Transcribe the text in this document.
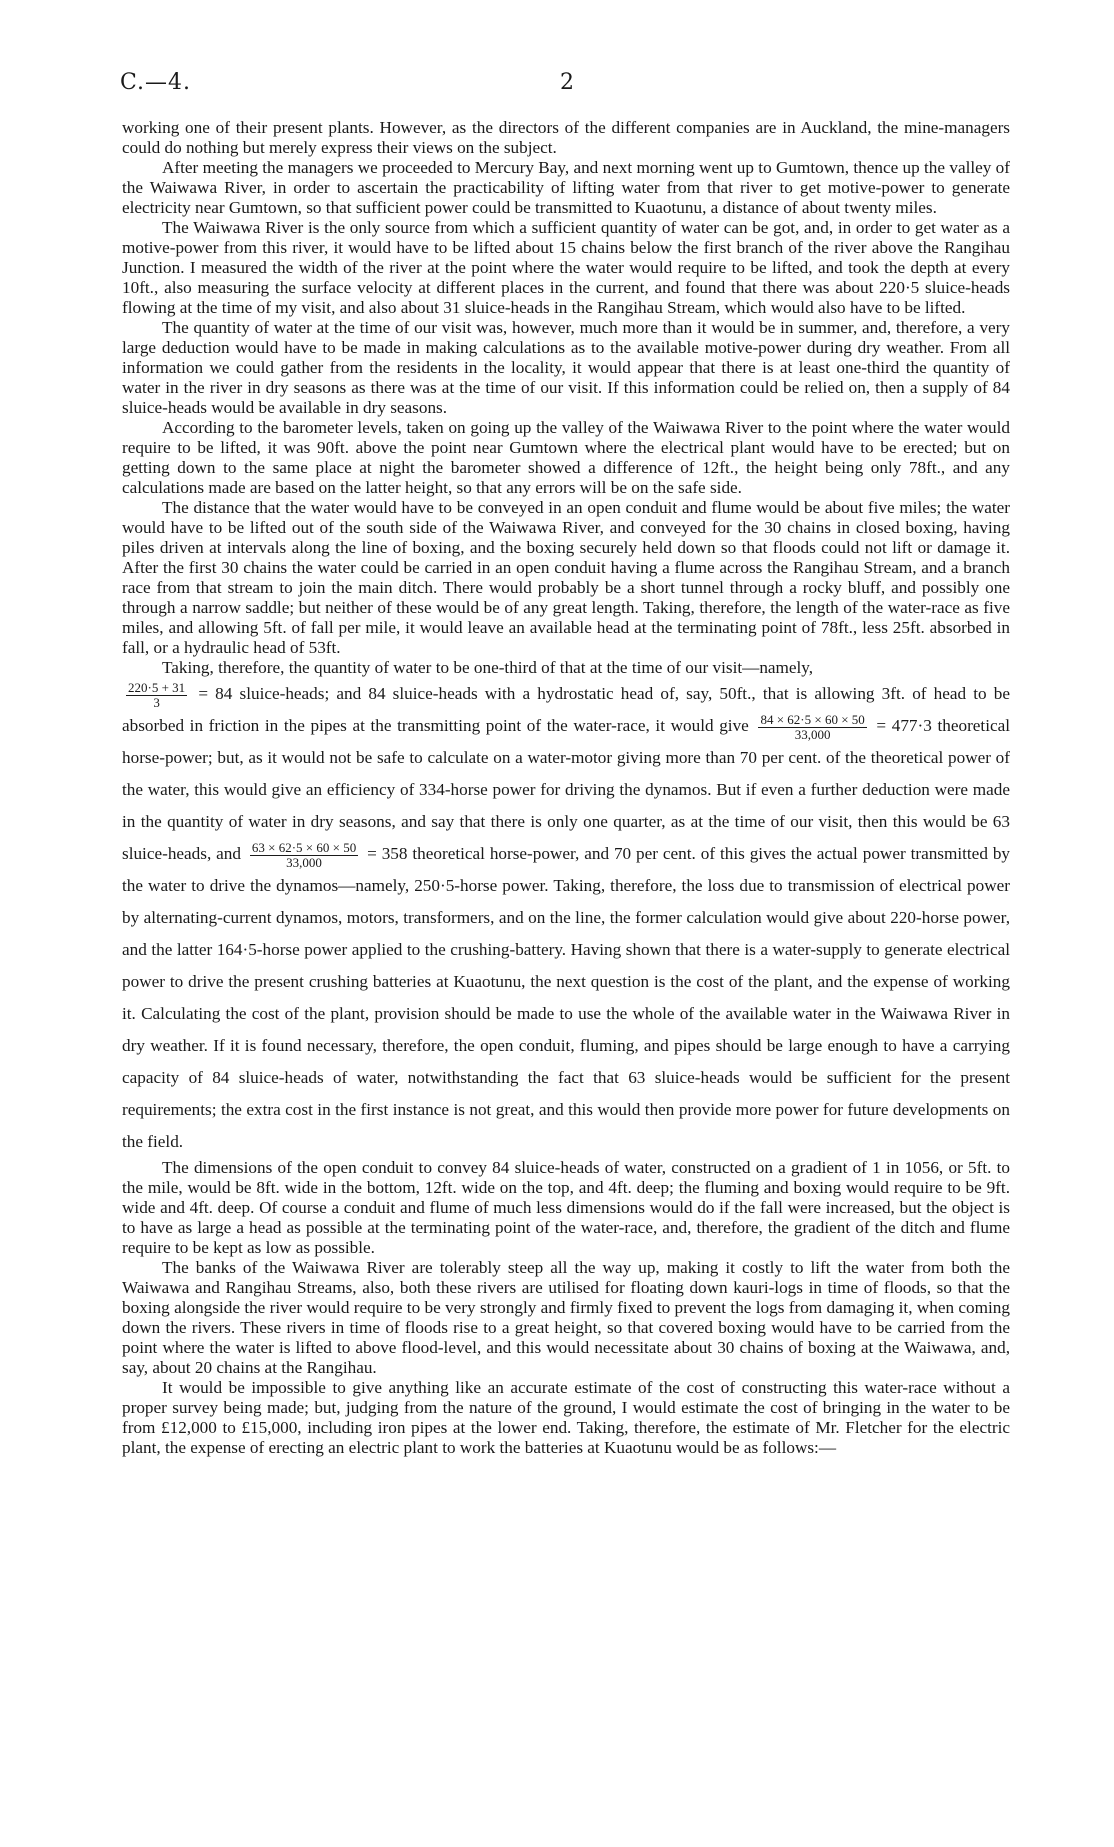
C.—4.	2

working one of their present plants. However, as the directors of the different companies are in Auckland, the mine-managers could do nothing but merely express their views on the subject.

After meeting the managers we proceeded to Mercury Bay, and next morning went up to Gumtown, thence up the valley of the Waiwawa River, in order to ascertain the practicability of lifting water from that river to get motive-power to generate electricity near Gumtown, so that sufficient power could be transmitted to Kuaotunu, a distance of about twenty miles.

The Waiwawa River is the only source from which a sufficient quantity of water can be got, and, in order to get water as a motive-power from this river, it would have to be lifted about 15 chains below the first branch of the river above the Rangihau Junction. I measured the width of the river at the point where the water would require to be lifted, and took the depth at every 10ft., also measuring the surface velocity at different places in the current, and found that there was about 220·5 sluice-heads flowing at the time of my visit, and also about 31 sluice-heads in the Rangihau Stream, which would also have to be lifted.

The quantity of water at the time of our visit was, however, much more than it would be in summer, and, therefore, a very large deduction would have to be made in making calculations as to the available motive-power during dry weather. From all information we could gather from the residents in the locality, it would appear that there is at least one-third the quantity of water in the river in dry seasons as there was at the time of our visit. If this information could be relied on, then a supply of 84 sluice-heads would be available in dry seasons.

According to the barometer levels, taken on going up the valley of the Waiwawa River to the point where the water would require to be lifted, it was 90ft. above the point near Gumtown where the electrical plant would have to be erected; but on getting down to the same place at night the barometer showed a difference of 12ft., the height being only 78ft., and any calculations made are based on the latter height, so that any errors will be on the safe side.

The distance that the water would have to be conveyed in an open conduit and flume would be about five miles; the water would have to be lifted out of the south side of the Waiwawa River, and conveyed for the 30 chains in closed boxing, having piles driven at intervals along the line of boxing, and the boxing securely held down so that floods could not lift or damage it. After the first 30 chains the water could be carried in an open conduit having a flume across the Rangihau Stream, and a branch race from that stream to join the main ditch. There would probably be a short tunnel through a rocky bluff, and possibly one through a narrow saddle; but neither of these would be of any great length. Taking, therefore, the length of the water-race as five miles, and allowing 5ft. of fall per mile, it would leave an available head at the terminating point of 78ft., less 25ft. absorbed in fall, or a hydraulic head of 53ft.

Taking, therefore, the quantity of water to be one-third of that at the time of our visit—namely,

$\frac{220\cdot 5 + 31}{3} = 84$ sluice-heads; and 84 sluice-heads with a hydrostatic head of, say, 50ft., that is allowing 3ft. of head to be absorbed in friction in the pipes at the transmitting point of the water-race, it would give $\frac{84 \times 62\cdot 5 \times 60 \times 50}{33,000} = 477\cdot 3$ theoretical horse-power; but, as it would not be safe to calculate on a water-motor giving more than 70 per cent. of the theoretical power of the water, this would give an efficiency of 334-horse power for driving the dynamos. But if even a further deduction were made in the quantity of water in dry seasons, and say that there is only one quarter, as at the time of our visit, then this would be 63 sluice-heads, and $\frac{63 \times 62\cdot 5 \times 60 \times 50}{33,000} = 358$ theoretical horse-power, and 70 per cent. of this gives the actual power transmitted by the water to drive the dynamos—namely, 250·5-horse power. Taking, therefore, the loss due to transmission of electrical power by alternating-current dynamos, motors, transformers, and on the line, the former calculation would give about 220-horse power, and the latter 164·5-horse power applied to the crushing-battery. Having shown that there is a water-supply to generate electrical power to drive the present crushing batteries at Kuaotunu, the next question is the cost of the plant, and the expense of working it. Calculating the cost of the plant, provision should be made to use the whole of the available water in the Waiwawa River in dry weather. If it is found necessary, therefore, the open conduit, fluming, and pipes should be large enough to have a carrying capacity of 84 sluice-heads of water, notwithstanding the fact that 63 sluice-heads would be sufficient for the present requirements; the extra cost in the first instance is not great, and this would then provide more power for future developments on the field.

The dimensions of the open conduit to convey 84 sluice-heads of water, constructed on a gradient of 1 in 1056, or 5ft. to the mile, would be 8ft. wide in the bottom, 12ft. wide on the top, and 4ft. deep; the fluming and boxing would require to be 9ft. wide and 4ft. deep. Of course a conduit and flume of much less dimensions would do if the fall were increased, but the object is to have as large a head as possible at the terminating point of the water-race, and, therefore, the gradient of the ditch and flume require to be kept as low as possible.

The banks of the Waiwawa River are tolerably steep all the way up, making it costly to lift the water from both the Waiwawa and Rangihau Streams, also, both these rivers are utilised for floating down kauri-logs in time of floods, so that the boxing alongside the river would require to be very strongly and firmly fixed to prevent the logs from damaging it, when coming down the rivers. These rivers in time of floods rise to a great height, so that covered boxing would have to be carried from the point where the water is lifted to above flood-level, and this would necessitate about 30 chains of boxing at the Waiwawa, and, say, about 20 chains at the Rangihau.

It would be impossible to give anything like an accurate estimate of the cost of constructing this water-race without a proper survey being made; but, judging from the nature of the ground, I would estimate the cost of bringing in the water to be from £12,000 to £15,000, including iron pipes at the lower end. Taking, therefore, the estimate of Mr. Fletcher for the electric plant, the expense of erecting an electric plant to work the batteries at Kuaotunu would be as follows:—
